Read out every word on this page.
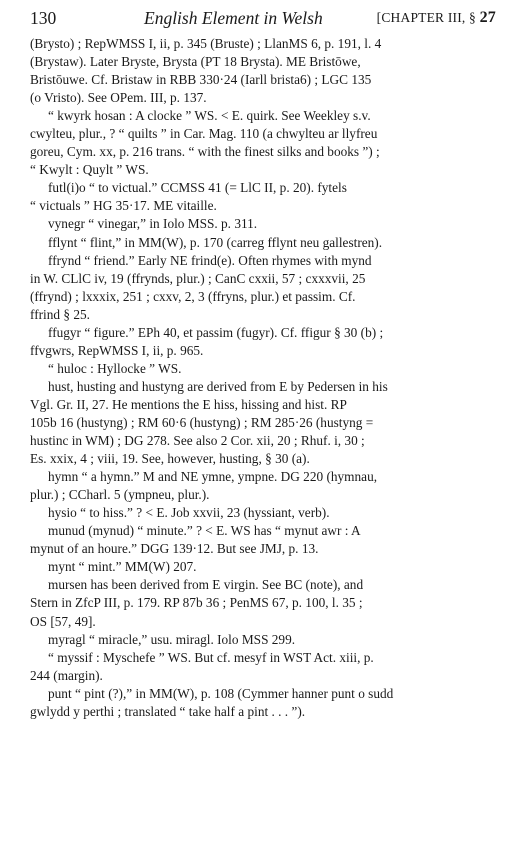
130	English Element in Welsh	[CHAPTER III, § 27

(Brysto) ; RepWMSS I, ii, p. 345 (Bruste) ; LlanMS 6, p. 191, l. 4

(Brystaw). Later Bryste, Brysta (PT 18 Brysta). ME Bristōwe,

Bristōuwe. Cf. Bristaw in RBB 330·24 (Iarll bristа6) ; LGC 135

(o Vristo). See OPem. III, p. 137.

“ kwyrk hosan : A clocke ” WS. < E. quirk. See Weekley s.v.

cwylteu, plur., ? “ quilts ” in Car. Mag. 110 (a chwylteu ar llyfreu

goreu, Cym. xx, p. 216 trans. “ with the finest silks and books ”) ;

“ Kwylt : Quylt ” WS.

futl(i)o “ to victual.” CCMSS 41 (= LlC II, p. 20). fytels

“ victuals ” HG 35·17. ME vitaille.

vynegr “ vinegar,” in Iolo MSS. p. 311.

fflynt “ flint,” in MM(W), p. 170 (carreg fflynt neu gallestren).

ffrynd “ friend.” Early NE frind(e). Often rhymes with mynd

in W. CLlC iv, 19 (ffrynds, plur.) ; CanC cxxii, 57 ; cxxxvii, 25

(ffrynd) ; lxxxix, 251 ; cxxv, 2, 3 (ffryns, plur.) et passim. Cf.

ffrind § 25.

ffugyr “ figure.” EPh 40, et passim (fugyr). Cf. ffigur § 30 (b) ;

ffvgwrs, RepWMSS I, ii, p. 965.

“ huloc : Hyllocke ” WS.

hust, husting and hustyng are derived from E by Pedersen in his

Vgl. Gr. II, 27. He mentions the E hiss, hissing and hist. RP

105b 16 (hustyng) ; RM 60·6 (hustyng) ; RM 285·26 (hustyng =

hustinc in WM) ; DG 278. See also 2 Cor. xii, 20 ; Rhuf. i, 30 ;

Es. xxix, 4 ; viii, 19. See, however, husting, § 30 (a).

hymn “ a hymn.” M and NE ymne, ympne. DG 220 (hymnau,

plur.) ; CCharl. 5 (ympneu, plur.).

hysio “ to hiss.” ? < E. Job xxvii, 23 (hyssiant, verb).

munud (mynud) “ minute.” ? < E. WS has “ mynut awr : A

mynut of an houre.” DGG 139·12. But see JMJ, p. 13.

mynt “ mint.” MM(W) 207.

mursen has been derived from E virgin. See BC (note), and

Stern in ZfcP III, p. 179. RP 87b 36 ; PenMS 67, p. 100, l. 35 ;

OS [57, 49].

myragl “ miracle,” usu. miragl. Iolo MSS 299.

“ myssif : Myschefe ” WS. But cf. mesyf in WST Act. xiii, p.

244 (margin).

punt “ pint (?),” in MM(W), p. 108 (Cymmer hanner punt o sudd

gwlydd y perthi ; translated “ take half a pint . . . ”).
